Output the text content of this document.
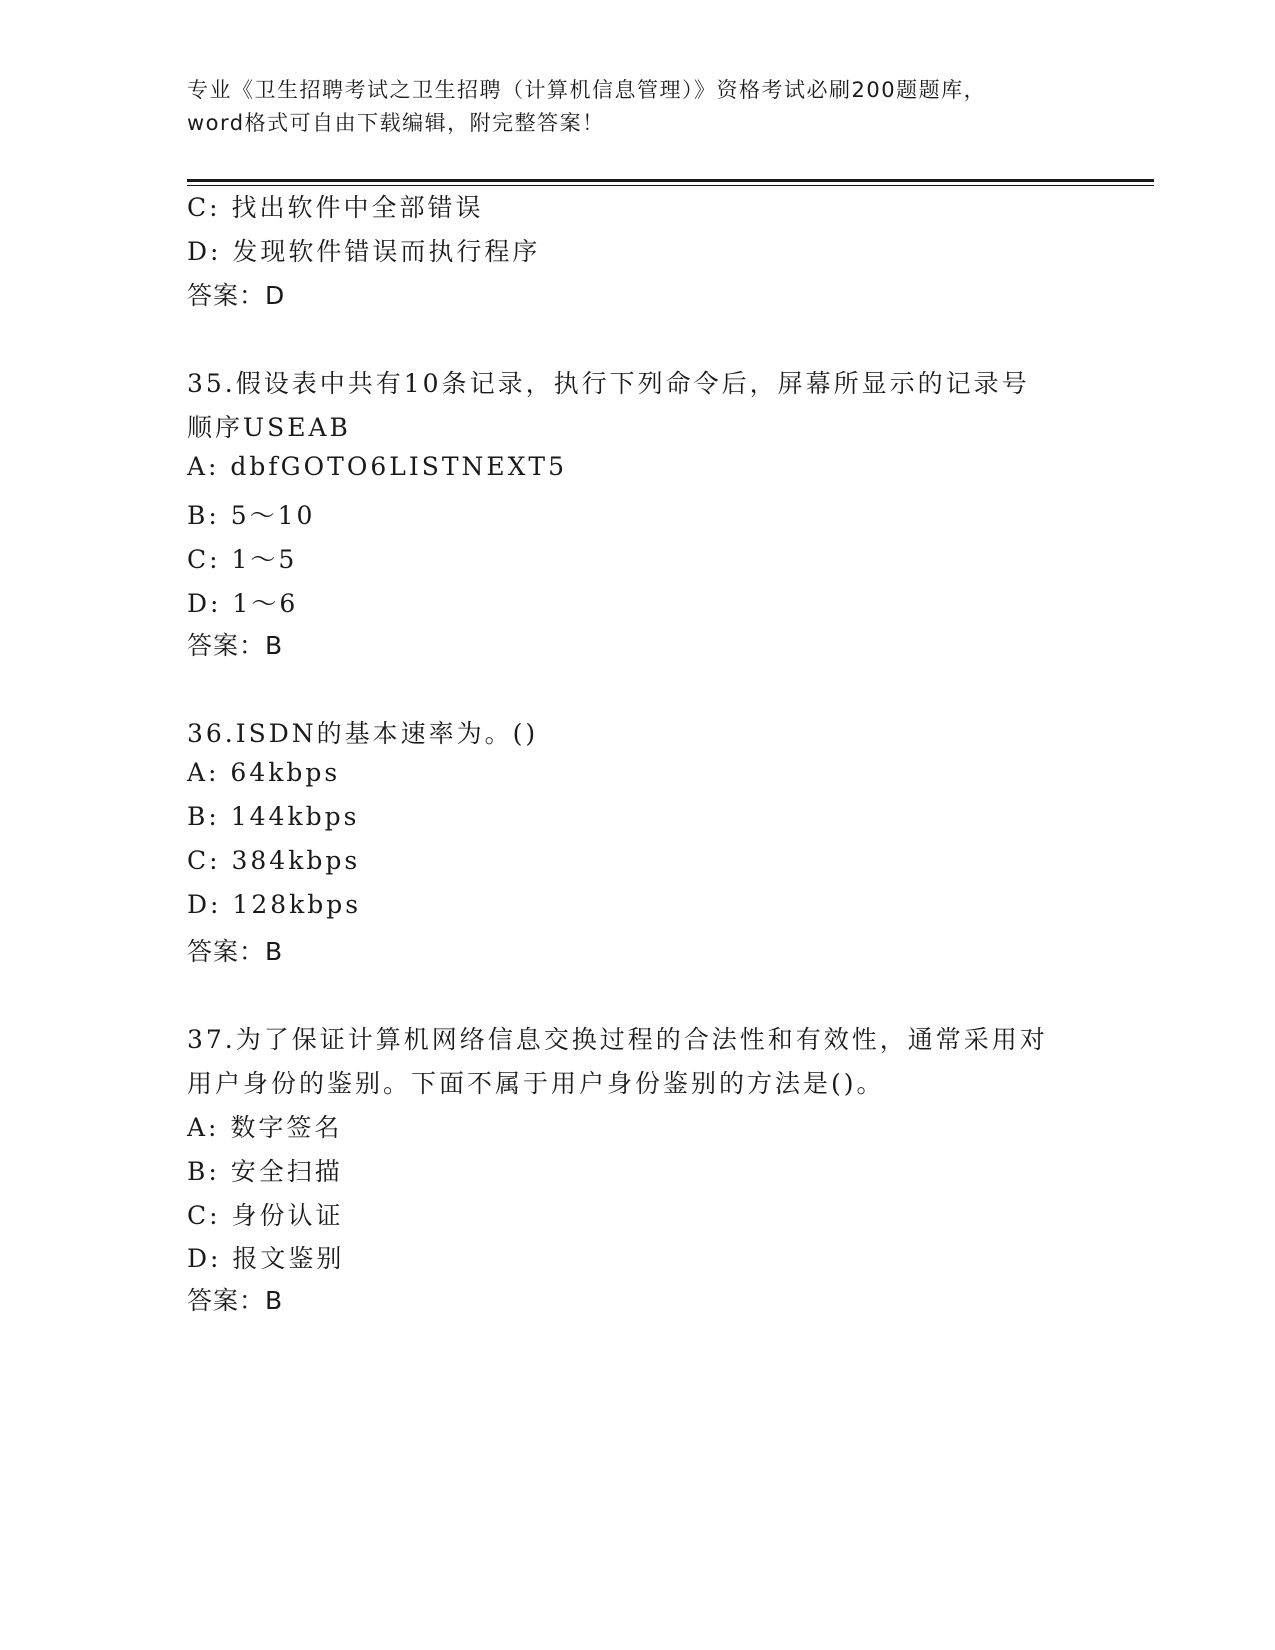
专业《卫生招聘考试之卫生招聘（计算机信息管理）》资格考试必刷200题题库，
word格式可自由下载编辑，附完整答案！
C: 找出软件中全部错误
D: 发现软件错误而执行程序
答案：D
35.假设表中共有10条记录，执行下列命令后，屏幕所显示的记录号
顺序USEAB
A: dbfGOTO6LISTNEXT5
B: 5～10
C: 1～5
D: 1～6
答案：B
36.ISDN的基本速率为。()
A: 64kbps
B: 144kbps
C: 384kbps
D: 128kbps
答案：B
37.为了保证计算机网络信息交换过程的合法性和有效性，通常采用对
用户身份的鉴别。下面不属于用户身份鉴别的方法是()。
A: 数字签名
B: 安全扫描
C: 身份认证
D: 报文鉴别
答案：B
